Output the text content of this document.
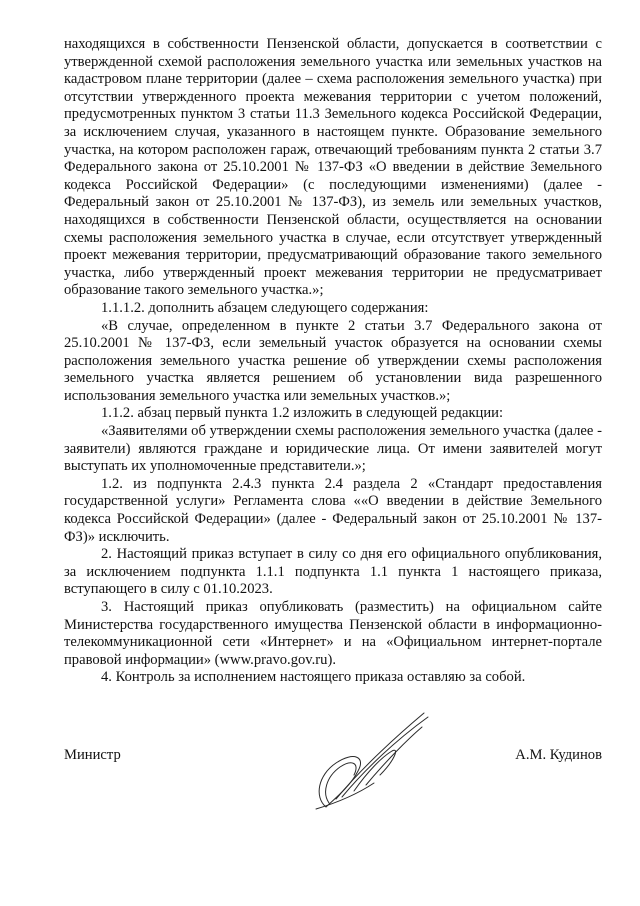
находящихся в собственности Пензенской области, допускается в соответствии с утвержденной схемой расположения земельного участка или земельных участков на кадастровом плане территории (далее – схема расположения земельного участка) при отсутствии утвержденного проекта межевания территории с учетом положений, предусмотренных пунктом 3 статьи 11.3 Земельного кодекса Российской Федерации, за исключением случая, указанного в настоящем пункте. Образование земельного участка, на котором расположен гараж, отвечающий требованиям пункта 2 статьи 3.7 Федерального закона от 25.10.2001 № 137-ФЗ «О введении в действие Земельного кодекса Российской Федерации» (с последующими изменениями) (далее - Федеральный закон от 25.10.2001 № 137-ФЗ), из земель или земельных участков, находящихся в собственности Пензенской области, осуществляется на основании схемы расположения земельного участка в случае, если отсутствует утвержденный проект межевания территории, предусматривающий образование такого земельного участка, либо утвержденный проект межевания территории не предусматривает образование такого земельного участка.»;

1.1.1.2. дополнить абзацем следующего содержания:

«В случае, определенном в пункте 2 статьи 3.7 Федерального закона от 25.10.2001 № 137-ФЗ, если земельный участок образуется на основании схемы расположения земельного участка решение об утверждении схемы расположения земельного участка является решением об установлении вида разрешенного использования земельного участка или земельных участков.»;

1.1.2. абзац первый пункта 1.2 изложить в следующей редакции:

«Заявителями об утверждении схемы расположения земельного участка (далее - заявители) являются граждане и юридические лица. От имени заявителей могут выступать их уполномоченные представители.»;

1.2. из подпункта 2.4.3 пункта 2.4 раздела 2 «Стандарт предоставления государственной услуги» Регламента слова ««О введении в действие Земельного кодекса Российской Федерации» (далее - Федеральный закон от 25.10.2001 № 137-ФЗ)» исключить.

2. Настоящий приказ вступает в силу со дня его официального опубликования, за исключением подпункта 1.1.1 подпункта 1.1 пункта 1 настоящего приказа, вступающего в силу с 01.10.2023.

3. Настоящий приказ опубликовать (разместить) на официальном сайте Министерства государственного имущества Пензенской области в информационно-телекоммуникационной сети «Интернет» и на «Официальном интернет-портале правовой информации» (www.pravo.gov.ru).

4. Контроль за исполнением настоящего приказа оставляю за собой.

Министр	А.М. Кудинов
